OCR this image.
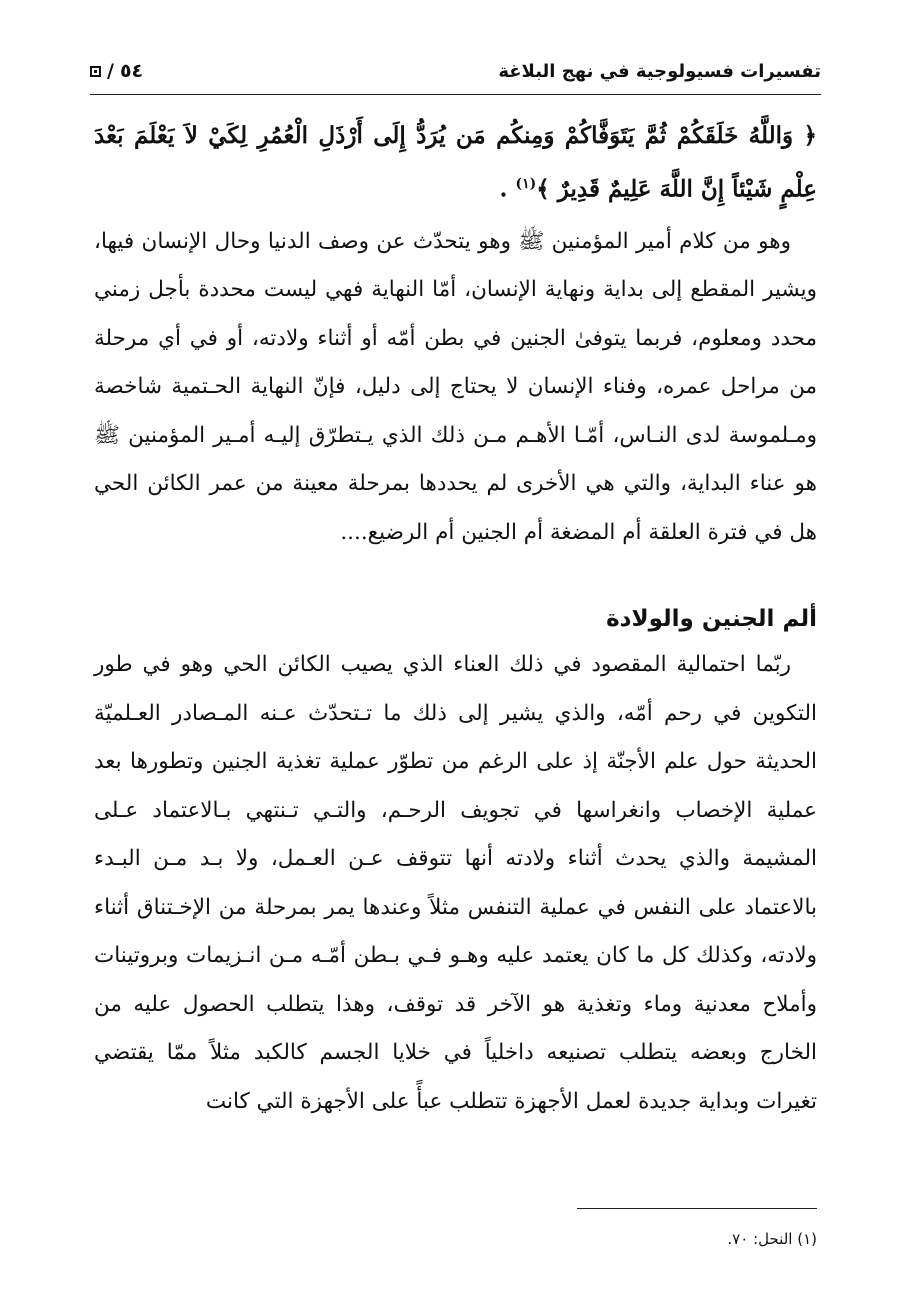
تفسيرات فسيولوجية في نهج البلاغة
/ ٥٤

﴿ وَاللَّهُ خَلَقَكُمْ ثُمَّ يَتَوَفَّاكُمْ وَمِنكُم مَن يُرَدُّ إِلَى أَرْذَلِ الْعُمُرِ لِكَيْ لاَ يَعْلَمَ بَعْدَ عِلْمٍ شَيْئاً إِنَّ اللَّهَ عَلِيمٌ قَدِيرٌ ﴾$^{(١)}$ .

وهو من كلام أمير المؤمنين ﷺ وهو يتحدّث عن وصف الدنيا وحال الإنسان فيها، ويشير المقطع إلى بداية ونهاية الإنسان، أمّا النهاية فهي ليست محددة بأجل زمني محدد ومعلوم، فربما يتوفىٰ الجنين في بطن أمّه أو أثناء ولادته، أو في أي مرحلة من مراحل عمره، وفناء الإنسان لا يحتاج إلى دليل، فإنّ النهاية الحـتمية شاخصة ومـلموسة لدى النـاس، أمّـا الأهـم مـن ذلك الذي يـتطرّق إليـه أمـير المؤمنين ﷺ هو عناء البداية، والتي هي الأخرى لم يحددها بمرحلة معينة من عمر الكائن الحي هل في فترة العلقة أم المضغة أم الجنين أم الرضيع....

ألم الجنين والولادة

ربّما احتمالية المقصود في ذلك العناء الذي يصيب الكائن الحي وهو في طور التكوين في رحم أمّه، والذي يشير إلى ذلك ما تـتحدّث عـنه المـصادر العـلميّة الحديثة حول علم الأجنّة إذ على الرغم من تطوّر عملية تغذية الجنين وتطورها بعد عملية الإخصاب وانغراسها في تجويف الرحـم، والتـي تـنتهي بـالاعتماد عـلى المشيمة والذي يحدث أثناء ولادته أنها تتوقف عـن العـمل، ولا بـد مـن البـدء بالاعتماد على النفس في عملية التنفس مثلاً وعندها يمر بمرحلة من الإخـتناق أثناء ولادته، وكذلك كل ما كان يعتمد عليه وهـو فـي بـطن أمّـه مـن انـزيمات وبروتينات وأملاح معدنية وماء وتغذية هو الآخر قد توقف، وهذا يتطلب الحصول عليه من الخارج وبعضه يتطلب تصنيعه داخلياً في خلايا الجسم كالكبد مثلاً ممّا يقتضي تغيرات وبداية جديدة لعمل الأجهزة تتطلب عبأً على الأجهزة التي كانت

(١) النحل: ٧٠.
